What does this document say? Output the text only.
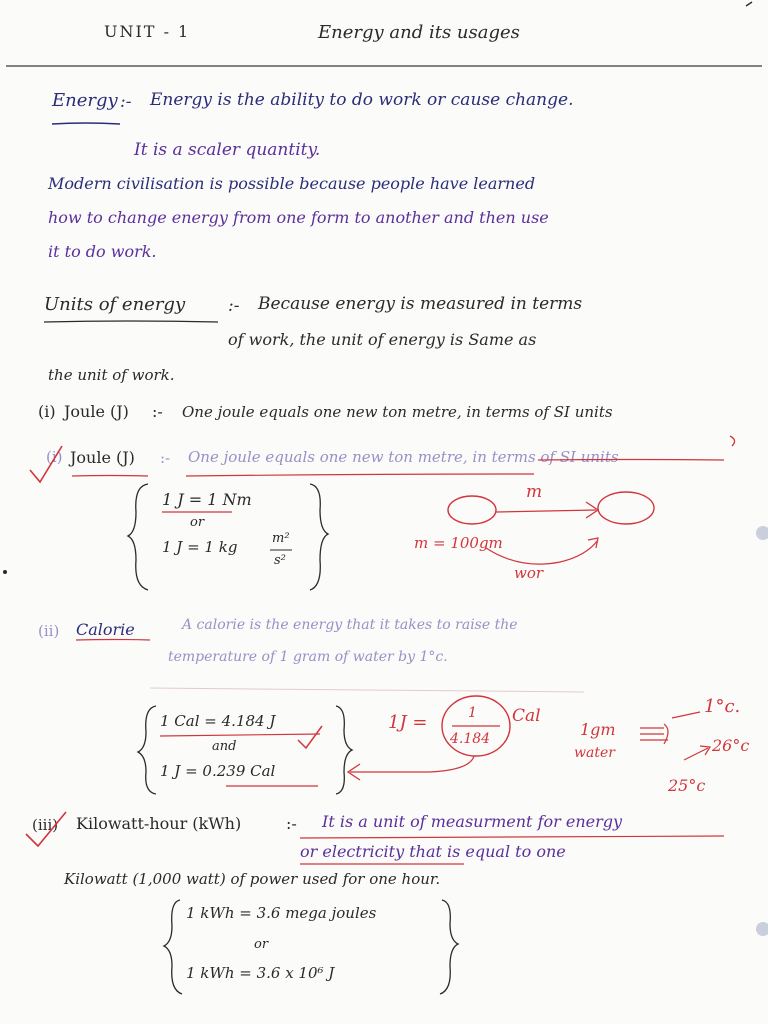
UNIT - 1	Energy and its usages
Energy :- Energy is the ability to do work or cause change.
It is a scaler quantity.
Modern civilisation is possible because people have learned
how to change energy from one form to another and then use
it to do work.
Units of energy	:- Because energy is measured in terms
of work, the unit of energy is Same as
the unit of work.
(i) Joule (J) :- One joule equals one new ton metre, in terms of SI units
(i) Joule (J) :- One joule equals one new ton metre, in terms of SI units
1 J = 1 Nm
or
1 J = 1 kg	m²
s²
m
m = 100gm
wor
(ii) Calorie	A calorie is the energy that it takes to raise the
temperature of 1 gram of water by 1°c.
1 Cal = 4.184 J
and
1 J = 0.239 Cal
1J =	1
4.184
Cal
1gm
water
1°c.
26°c
25°c
(iii) Kilowatt-hour (kWh)	:- It is a unit of measurment for energy
or electricity that is equal to one
Kilowatt (1,000 watt) of power used for one hour.
1 kWh = 3.6 mega joules
or
1 kWh = 3.6 x 10⁶ J
